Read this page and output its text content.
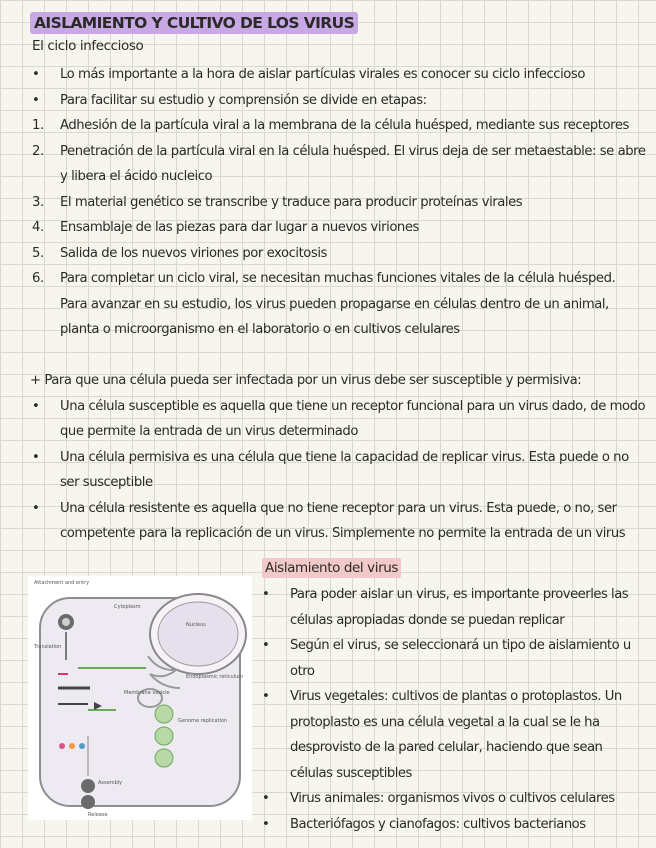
AISLAMIENTO Y CULTIVO DE LOS VIRUS
El ciclo infeccioso
•	Lo más importante a la hora de aislar partículas virales es conocer su ciclo infeccioso
•	Para facilitar su estudio y comprensión se divide en etapas:
1.	Adhesión de la partícula viral a la membrana de la célula huésped, mediante sus receptores
2.	Penetración de la partícula viral en la célula huésped. El virus deja de ser metaestable: se abre y libera el ácido nucleico
3.	El material genético se transcribe y traduce para producir proteínas virales
4.	Ensamblaje de las piezas para dar lugar a nuevos viriones
5.	Salida de los nuevos viriones por exocitosis
6.	Para completar un ciclo viral, se necesitan muchas funciones vitales de la célula huésped. Para avanzar en su estudio, los virus pueden propagarse en células dentro de un animal, planta o microorganismo en el laboratorio o en cultivos celulares
+ Para que una célula pueda ser infectada por un virus debe ser susceptible y permisiva:
•	Una célula susceptible es aquella que tiene un receptor funcional para un virus dado, de modo que permite la entrada de un virus determinado
•	Una célula permisiva es una célula que tiene la capacidad de replicar virus. Esta puede o no ser susceptible
•	Una célula resistente es aquella que no tiene receptor para un virus. Esta puede, o no, ser competente para la replicación de un virus. Simplemente no permite la entrada de un virus
Aislamiento del virus
Attachment and entry
Cytoplasm
Nucleus
Translation
Endoplasmic reticulum
Membrane vesicle
Genome replication
Assembly
Release
•	Para poder aislar un virus, es importante proveerles las células apropiadas donde se puedan replicar
•	Según el virus, se seleccionará un tipo de aislamiento u otro
•	Virus vegetales: cultivos de plantas o protoplastos. Un protoplasto es una célula vegetal a la cual se le ha desprovisto de la pared celular, haciendo que sean células susceptibles
•	Virus animales: organismos vivos o cultivos celulares
•	Bacteriófagos y cianofagos: cultivos bacterianos
